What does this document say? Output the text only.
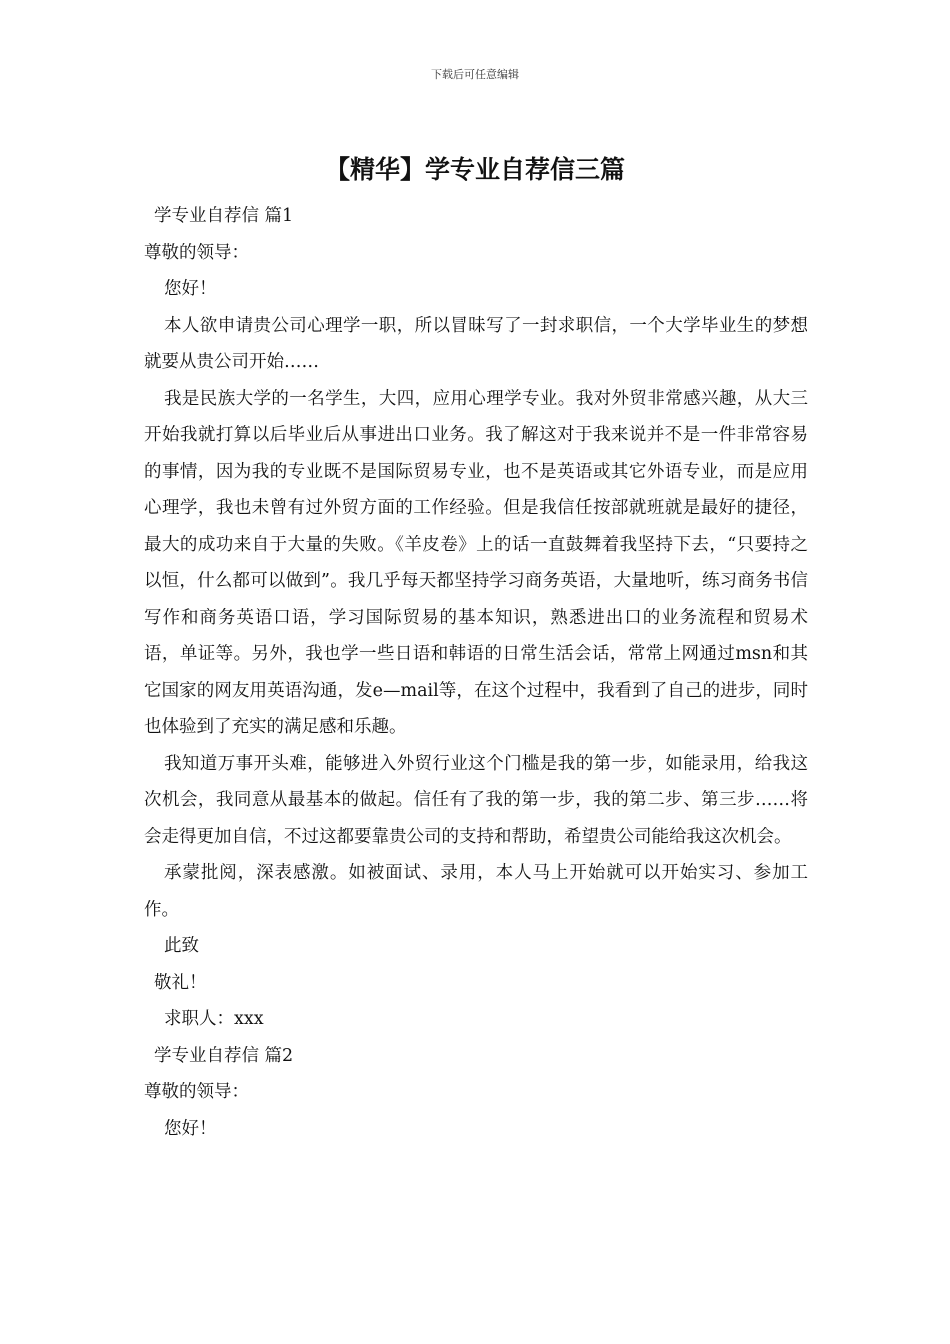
下载后可任意编辑
【精华】学专业自荐信三篇

学专业自荐信 篇1

尊敬的领导：

您好！

本人欲申请贵公司心理学一职，所以冒昧写了一封求职信，一个大学毕业生的梦想就要从贵公司开始……

我是民族大学的一名学生，大四，应用心理学专业。我对外贸非常感兴趣，从大三开始我就打算以后毕业后从事进出口业务。我了解这对于我来说并不是一件非常容易的事情，因为我的专业既不是国际贸易专业，也不是英语或其它外语专业，而是应用心理学，我也未曾有过外贸方面的工作经验。但是我信任按部就班就是最好的捷径，最大的成功来自于大量的失败。《羊皮卷》上的话一直鼓舞着我坚持下去，“只要持之以恒，什么都可以做到”。我几乎每天都坚持学习商务英语，大量地听，练习商务书信写作和商务英语口语，学习国际贸易的基本知识，熟悉进出口的业务流程和贸易术语，单证等。另外，我也学一些日语和韩语的日常生活会话，常常上网通过msn和其它国家的网友用英语沟通，发e—mail等，在这个过程中，我看到了自己的进步，同时也体验到了充实的满足感和乐趣。

我知道万事开头难，能够进入外贸行业这个门槛是我的第一步，如能录用，给我这次机会，我同意从最基本的做起。信任有了我的第一步，我的第二步、第三步……将会走得更加自信，不过这都要靠贵公司的支持和帮助，希望贵公司能给我这次机会。

承蒙批阅，深表感激。如被面试、录用，本人马上开始就可以开始实习、参加工作。

此致

敬礼！

求职人：xxx

学专业自荐信 篇2

尊敬的领导：

您好！
